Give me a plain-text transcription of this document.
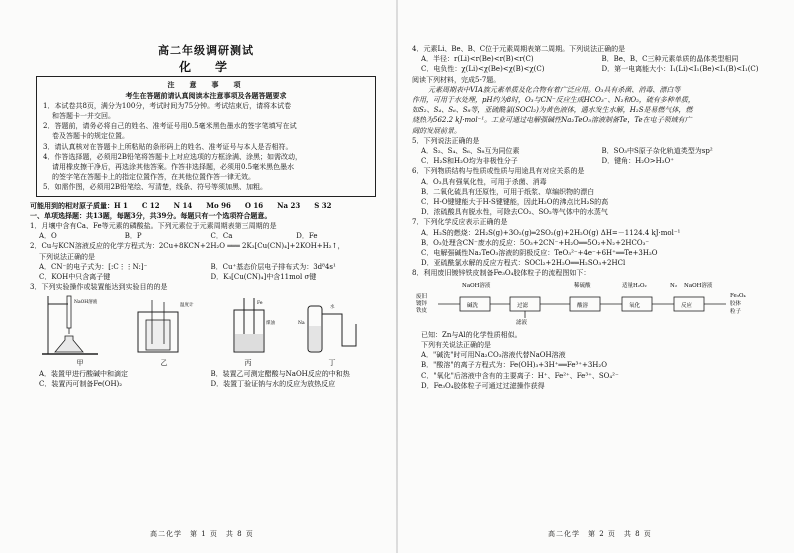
高二年级调研测试
化　学
注　意　事　项
考生在答题前请认真阅读本注意事项及各题答题要求
1．本试卷共8页，满分为100分，考试时间为75分钟。考试结束后，请将本试卷
和答题卡一并交回。
2．答题前，请务必将自己的姓名、准考证号用0.5毫米黑色墨水的签字笔填写在试
卷及答题卡的规定位置。
3．请认真核对在答题卡上所粘贴的条形码上的姓名、准考证号与本人是否相符。
4．作答选择题，必须用2B铅笔将答题卡上对应选项的方框涂满、涂黑；如需改动，
请用橡皮擦干净后，再选涂其他答案。作答非选择题，必须用0.5毫米黑色墨水
的签字笔在答题卡上的指定位置作答，在其他位置作答一律无效。
5．如需作图，必须用2B铅笔绘、写清楚，线条、符号等须加黑、加粗。
可能用到的相对原子质量：H 1　　C 12　　N 14　　Mo 96　　O 16　　Na 23　　S 32
一、单项选择题：共13题，每题3分，共39分。每题只有一个选项符合题意。
1．月壤中含有Ca、Fe等元素的磷酸盐。下列元素位于元素周期表第三周期的是
A．O	B．P	C．Ca	D．Fe
2．Cu与KCN溶液反应的化学方程式为：2Cu+8KCN+2H₂O ═══ 2K₃[Cu(CN)₄]+2KOH+H₂↑，
下列说法正确的是
A．CN⁻的电子式为：[:C⋮⋮N:]⁻	B．Cu⁺基态价层电子排布式为：3d⁸4s¹
C．KOH中只含离子键	D．K₃[Cu(CN)₄]中含11mol σ键
3．下列实验操作或装置能达到实验目的的是
NaOH溶液
温度计	Fe
煤油	Na
水
甲	乙	丙	丁
A．装置甲进行酸碱中和滴定	B．装置乙可测定醋酸与NaOH反应的中和热
C．装置丙可制备Fe(OH)₂	D．装置丁验证钠与水的反应为放热反应
高二化学　第 1 页　共 8 页
4．元素Li、Be、B、C位于元素周期表第二周期。下列说法正确的是
A．半径：r(Li)<r(Be)<r(B)<r(C)	B．Be、B、C三种元素单质的晶体类型相同
C．电负性：χ(Li)<χ(Be)<χ(B)<χ(C)	D．第一电离能大小：I₁(Li)<I₁(Be)<I₁(B)<I₁(C)
阅读下列材料，完成5-7题。
元素周期表中VIA族元素单质及化合物有着广泛应用。O₃具有杀菌、消毒、漂白等
作用，可用于水处理，pH约为8时，O₃与CN⁻反应生成HCO₃⁻、N₂和O₂，硫有多种单质，
如S₂、S₄、S₆、S₈等，亚硫酰氯(SOCl₂)为黄色液体，遇水发生水解，H₂S是易燃气体，燃
烧热为562.2 kJ·mol⁻¹。工业可通过电解强碱性Na₂TeO₃溶液制备Te，Te在电子领域有广
阔的发展前景。
5．下列说法正确的是
A．S₂、S₄、S₆、S₈互为同位素	B．SO₃中S原子杂化轨道类型为sp²
C．H₂S和H₂O均为非极性分子	D．键角：H₂O>H₃O⁺
6．下列物质结构与性质或性质与用途具有对应关系的是
A．O₃具有强氧化性，可用于杀菌、消毒
B．二氧化硫具有还原性，可用于纸浆、草编织物的漂白
C．H-O键键能大于H-S键键能，因此H₂O的沸点比H₂S的高
D．浓硫酸具有脱水性，可除去CO₂、SO₂等气体中的水蒸气
7．下列化学反应表示正确的是
A．H₂S的燃烧：2H₂S(g)+3O₂(g)═2SO₂(g)+2H₂O(g) ΔH=－1124.4 kJ·mol⁻¹
B．O₃处理含CN⁻废水的反应：5O₃+2CN⁻+H₂O══5O₂+N₂+2HCO₃⁻
C．电解强碱性Na₂TeO₃溶液的阴极反应：TeO₃²⁻+4e⁻+6H⁺══Te+3H₂O
D．亚硫酰氯水解的反应方程式：SOCl₂+2H₂O══H₂SO₃+2HCl
8．利用废旧镀锌铁皮制备Fe₃O₄胶体粒子的流程图如下：
废旧
镀锌
铁皮
NaOH溶液	稀硫酸	适量H₂O₂	N₂ NaOH溶液
碱洗	过滤
滤液
酸溶	氧化	反应
Fe₃O₄
胶体
粒子
已知：Zn与Al的化学性质相似。
下列有关说法正确的是
A．"碱洗"时可用Na₂CO₃溶液代替NaOH溶液
B．"酸溶"的离子方程式为：Fe(OH)₃+3H⁺══Fe³⁺+3H₂O
C．"氧化"后溶液中含有的主要离子：H⁺、Fe²⁺、Fe³⁺、SO₄²⁻
D．Fe₃O₄胶体粒子可通过过滤操作获得
高二化学　第 2 页　共 8 页
